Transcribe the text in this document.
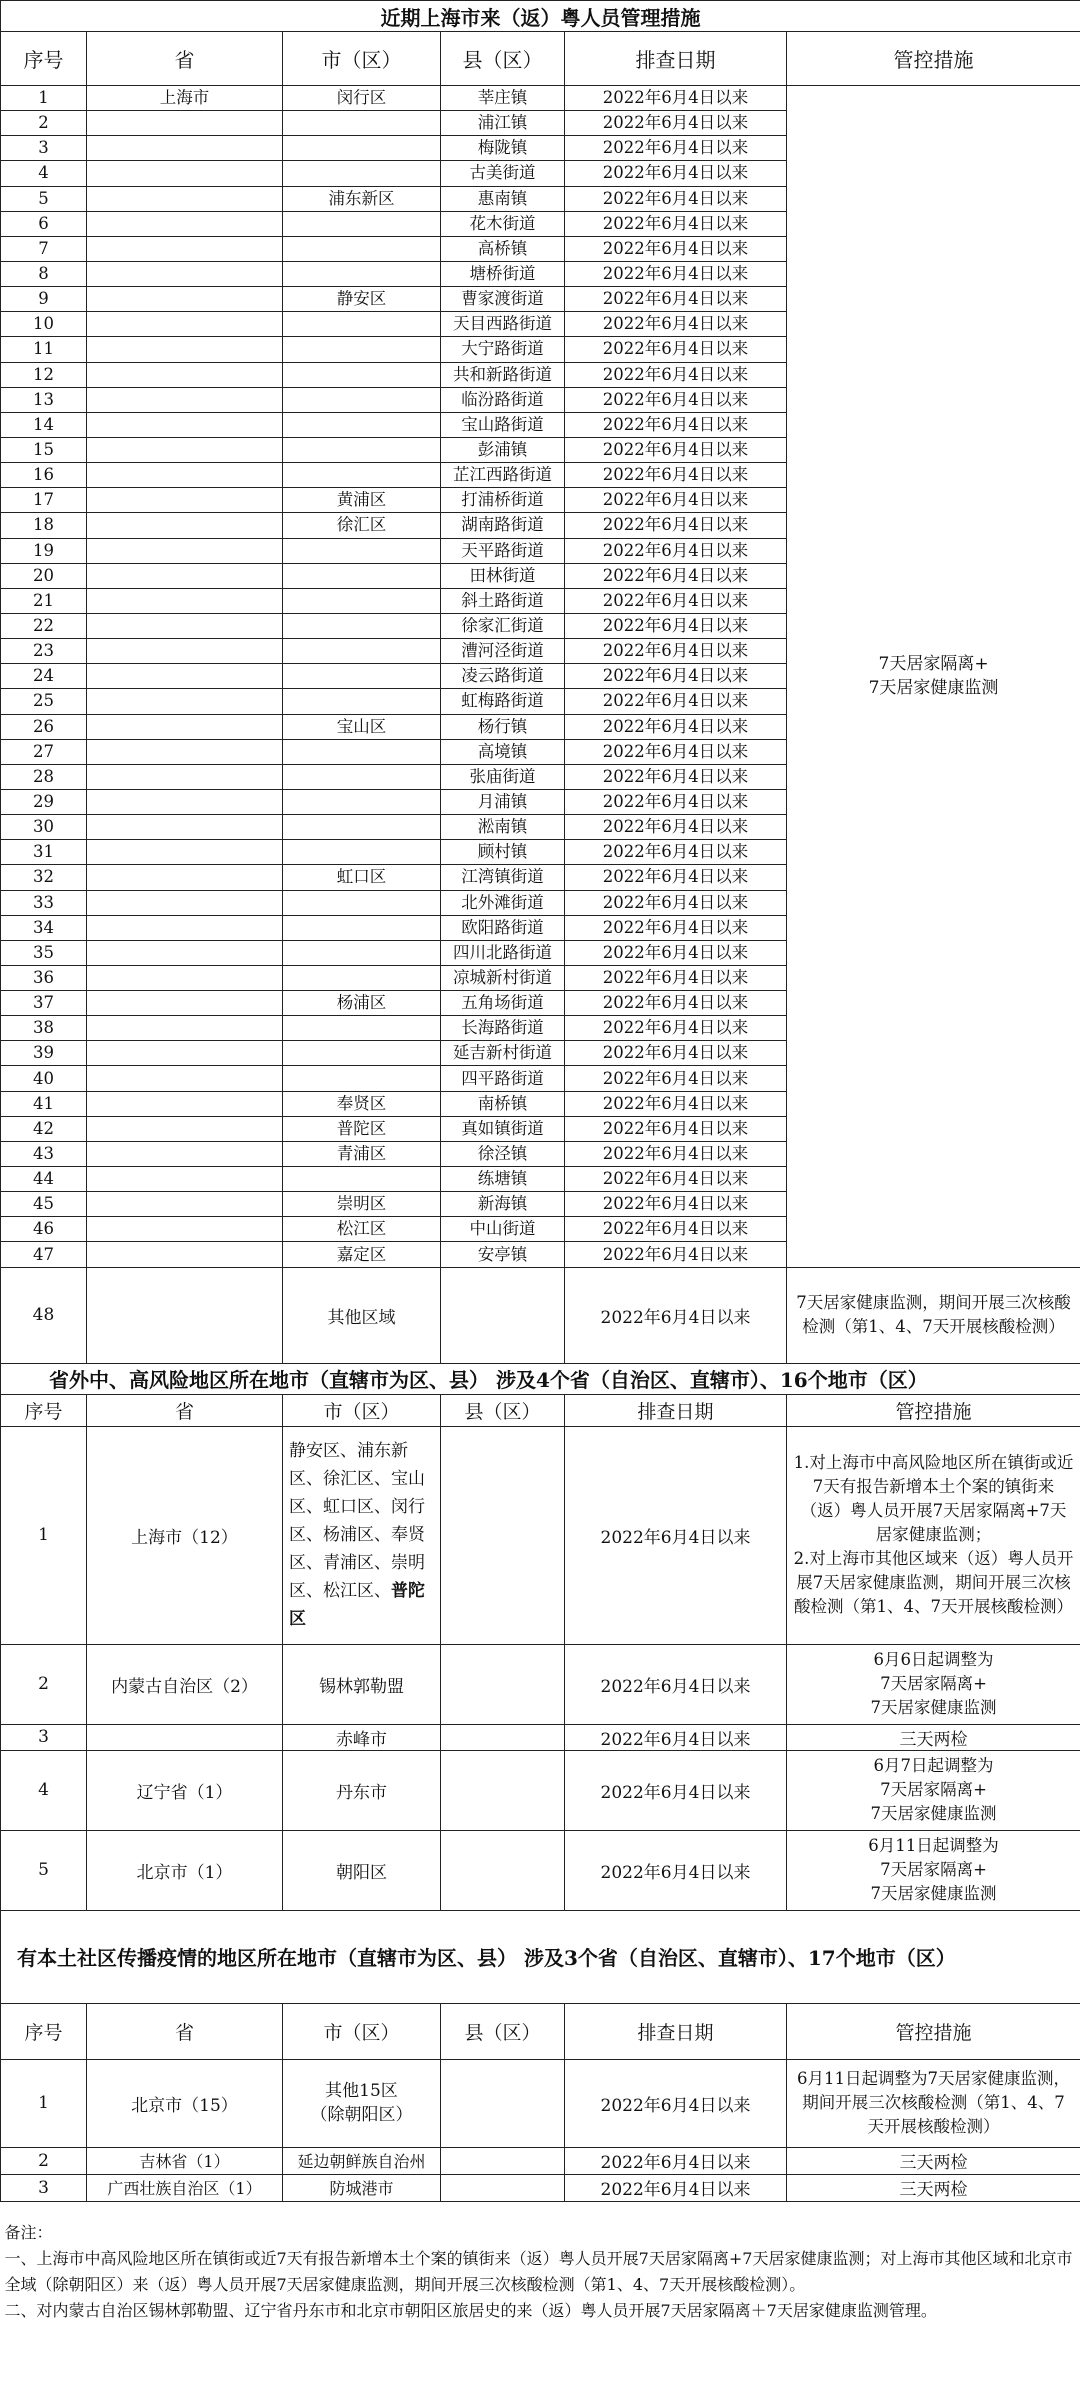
近期上海市来（返）粤人员管理措施					
序号	省	市（区）	县（区）	排查日期	管控措施
1	上海市	闵行区	莘庄镇	2022年6月4日以来	7天居家隔离+
7天居家健康监测
2			浦江镇	2022年6月4日以来	
3			梅陇镇	2022年6月4日以来	
4			古美街道	2022年6月4日以来	
5		浦东新区	惠南镇	2022年6月4日以来	
6			花木街道	2022年6月4日以来	
7			高桥镇	2022年6月4日以来	
8			塘桥街道	2022年6月4日以来	
9		静安区	曹家渡街道	2022年6月4日以来	
10			天目西路街道	2022年6月4日以来	
11			大宁路街道	2022年6月4日以来	
12			共和新路街道	2022年6月4日以来	
13			临汾路街道	2022年6月4日以来	
14			宝山路街道	2022年6月4日以来	
15			彭浦镇	2022年6月4日以来	
16			芷江西路街道	2022年6月4日以来	
17		黄浦区	打浦桥街道	2022年6月4日以来	
18		徐汇区	湖南路街道	2022年6月4日以来	
19			天平路街道	2022年6月4日以来	
20			田林街道	2022年6月4日以来	
21			斜土路街道	2022年6月4日以来	
22			徐家汇街道	2022年6月4日以来	
23			漕河泾街道	2022年6月4日以来	
24			凌云路街道	2022年6月4日以来	
25			虹梅路街道	2022年6月4日以来	
26		宝山区	杨行镇	2022年6月4日以来	
27			高境镇	2022年6月4日以来	
28			张庙街道	2022年6月4日以来	
29			月浦镇	2022年6月4日以来	
30			淞南镇	2022年6月4日以来	
31			顾村镇	2022年6月4日以来	
32		虹口区	江湾镇街道	2022年6月4日以来	
33			北外滩街道	2022年6月4日以来	
34			欧阳路街道	2022年6月4日以来	
35			四川北路街道	2022年6月4日以来	
36			凉城新村街道	2022年6月4日以来	
37		杨浦区	五角场街道	2022年6月4日以来	
38			长海路街道	2022年6月4日以来	
39			延吉新村街道	2022年6月4日以来	
40			四平路街道	2022年6月4日以来	
41		奉贤区	南桥镇	2022年6月4日以来	
42		普陀区	真如镇街道	2022年6月4日以来	
43		青浦区	徐泾镇	2022年6月4日以来	
44			练塘镇	2022年6月4日以来	
45		崇明区	新海镇	2022年6月4日以来	
46		松江区	中山街道	2022年6月4日以来	
47		嘉定区	安亭镇	2022年6月4日以来	
48		其他区域		2022年6月4日以来	7天居家健康监测，期间开展三次核酸检测（第1、4、7天开展核酸检测）
省外中、高风险地区所在地市（直辖市为区、县） 涉及4个省（自治区、直辖市）、16个地市（区）					
序号	省	市（区）	县（区）	排查日期	管控措施
1	上海市（12）	静安区、浦东新区、徐汇区、宝山区、虹口区、闵行区、杨浦区、奉贤区、青浦区、崇明区、松江区、普陀区		2022年6月4日以来	1.对上海市中高风险地区所在镇街或近7天有报告新增本土个案的镇街来（返）粤人员开展7天居家隔离+7天居家健康监测；
2.对上海市其他区域来（返）粤人员开展7天居家健康监测，期间开展三次核酸检测（第1、4、7天开展核酸检测）
2	内蒙古自治区（2）	锡林郭勒盟		2022年6月4日以来	6月6日起调整为
7天居家隔离+
7天居家健康监测
3		赤峰市		2022年6月4日以来	三天两检
4	辽宁省（1）	丹东市		2022年6月4日以来	6月7日起调整为
7天居家隔离+
7天居家健康监测
5	北京市（1）	朝阳区		2022年6月4日以来	6月11日起调整为
7天居家隔离+
7天居家健康监测
有本土社区传播疫情的地区所在地市（直辖市为区、县） 涉及3个省（自治区、直辖市）、17个地市（区）					
序号	省	市（区）	县（区）	排查日期	管控措施
1	北京市（15）	其他15区
（除朝阳区）		2022年6月4日以来	6月11日起调整为7天居家健康监测，期间开展三次核酸检测（第1、4、7天开展核酸检测）
2	吉林省（1）	延边朝鲜族自治州		2022年6月4日以来	三天两检
3	广西壮族自治区（1）	防城港市		2022年6月4日以来	三天两检

备注：
一、上海市中高风险地区所在镇街或近7天有报告新增本土个案的镇街来（返）粤人员开展7天居家隔离+7天居家健康监测；对上海市其他区域和北京市全域（除朝阳区）来（返）粤人员开展7天居家健康监测，期间开展三次核酸检测（第1、4、7天开展核酸检测）。
二、对内蒙古自治区锡林郭勒盟、辽宁省丹东市和北京市朝阳区旅居史的来（返）粤人员开展7天居家隔离＋7天居家健康监测管理。					
